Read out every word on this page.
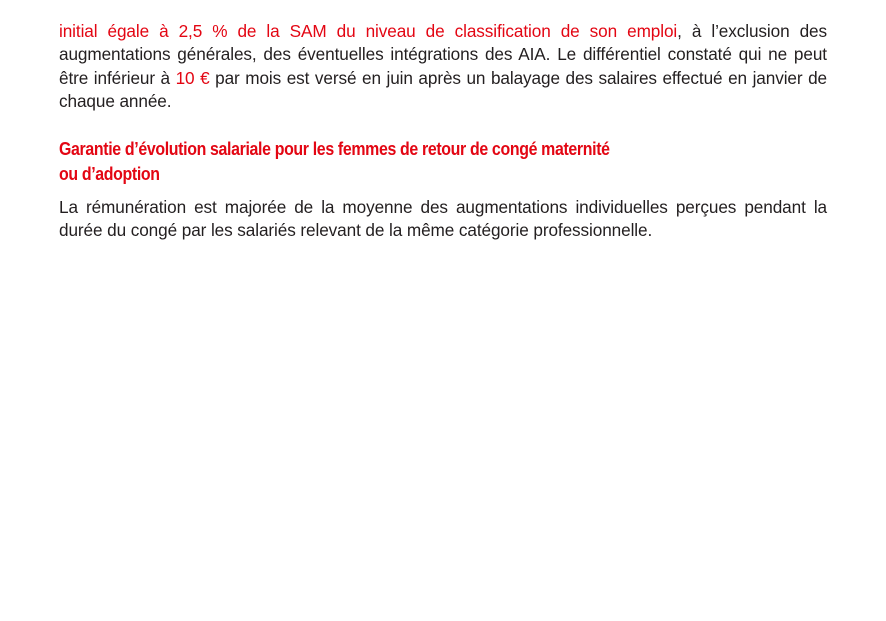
initial égale à 2,5 % de la SAM du niveau de classification de son emploi, à l’exclusion des augmentations générales, des éventuelles intégrations des AIA. Le différentiel constaté qui ne peut être inférieur à 10 € par mois est versé en juin après un balayage des salaires effectué en janvier de chaque année.

Garantie d’évolution salariale pour les femmes de retour de congé maternité
ou d’adoption

La rémunération est majorée de la moyenne des augmentations individuelles perçues pendant la durée du congé par les salariés relevant de la même catégorie professionnelle.
